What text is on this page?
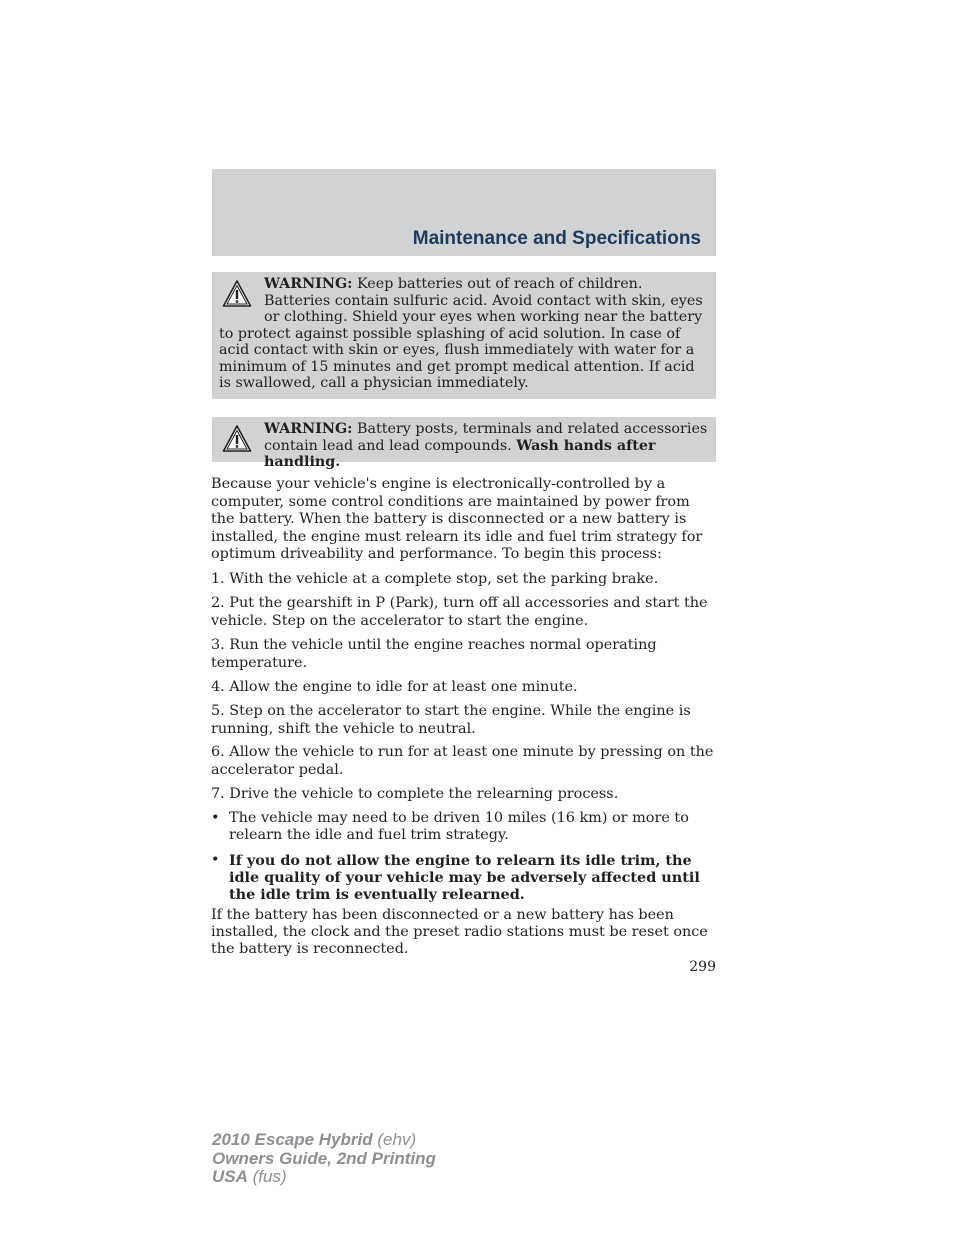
Maintenance and Specifications
WARNING: Keep batteries out of reach of children. Batteries contain sulfuric acid. Avoid contact with skin, eyes or clothing. Shield your eyes when working near the battery to protect against possible splashing of acid solution. In case of acid contact with skin or eyes, flush immediately with water for a minimum of 15 minutes and get prompt medical attention. If acid is swallowed, call a physician immediately.
WARNING: Battery posts, terminals and related accessories contain lead and lead compounds. Wash hands after handling.

Because your vehicle's engine is electronically-controlled by a computer, some control conditions are maintained by power from the battery. When the battery is disconnected or a new battery is installed, the engine must relearn its idle and fuel trim strategy for optimum driveability and performance. To begin this process:

1. With the vehicle at a complete stop, set the parking brake.

2. Put the gearshift in P (Park), turn off all accessories and start the vehicle. Step on the accelerator to start the engine.

3. Run the vehicle until the engine reaches normal operating temperature.

4. Allow the engine to idle for at least one minute.

5. Step on the accelerator to start the engine. While the engine is running, shift the vehicle to neutral.

6. Allow the vehicle to run for at least one minute by pressing on the accelerator pedal.

7. Drive the vehicle to complete the relearning process.

• The vehicle may need to be driven 10 miles (16 km) or more to relearn the idle and fuel trim strategy.
• If you do not allow the engine to relearn its idle trim, the idle quality of your vehicle may be adversely affected until the idle trim is eventually relearned.

If the battery has been disconnected or a new battery has been installed, the clock and the preset radio stations must be reset once the battery is reconnected.

299
2010 Escape Hybrid (ehv)
Owners Guide, 2nd Printing
USA (fus)
